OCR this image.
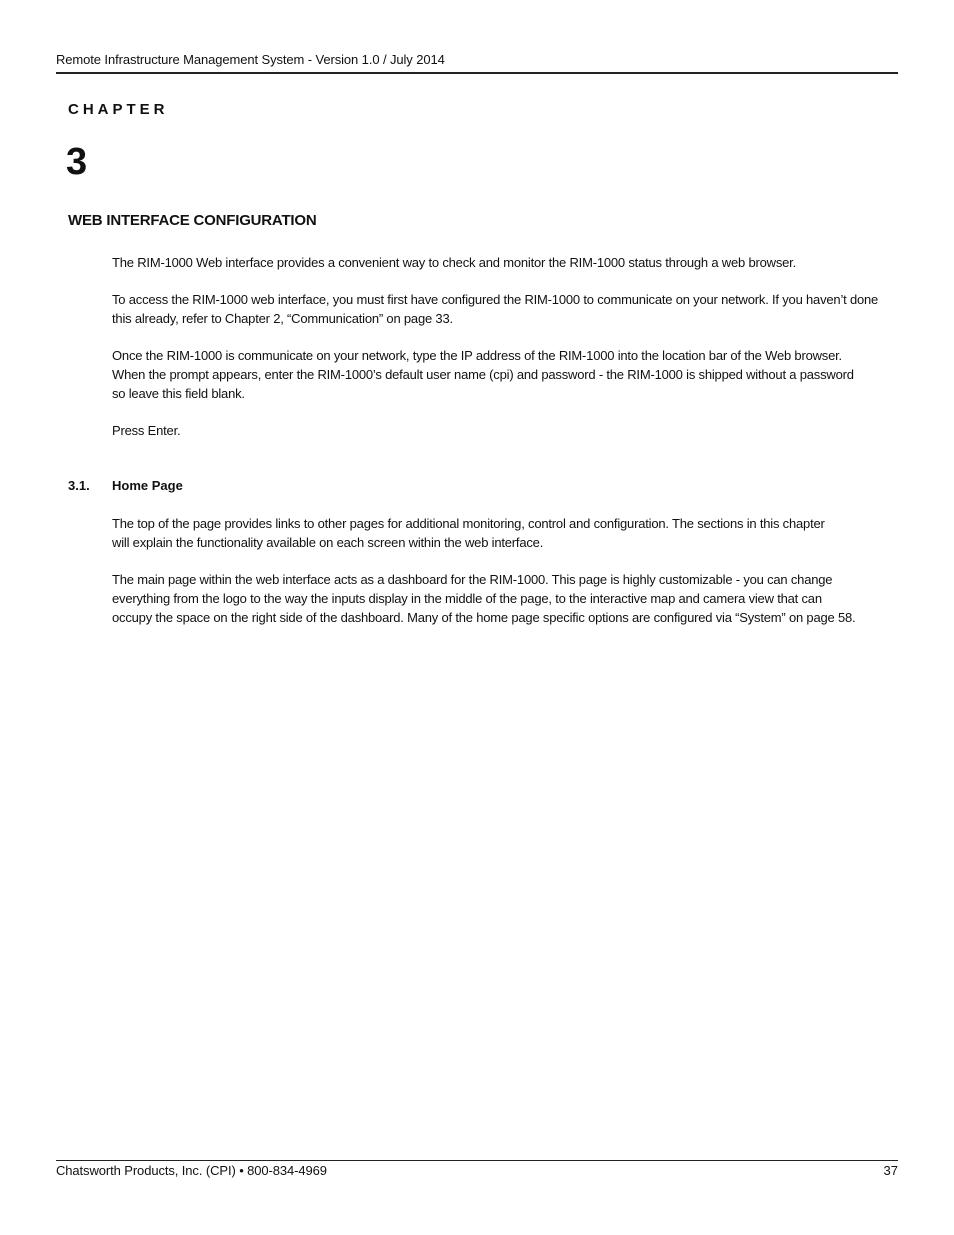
Remote Infrastructure Management System - Version 1.0 / July 2014
CHAPTER
3
WEB INTERFACE CONFIGURATION
The RIM-1000 Web interface provides a convenient way to check and monitor the RIM-1000 status through a web browser.
To access the RIM-1000 web interface, you must first have configured the RIM-1000 to communicate on your network. If you haven’t done
this already, refer to Chapter 2, “Communication” on page 33.
Once the RIM-1000 is communicate on your network, type the IP address of the RIM-1000 into the location bar of the Web browser.
When the prompt appears, enter the RIM-1000’s default user name (cpi) and password - the RIM-1000 is shipped without a password
so leave this field blank.
Press Enter.
3.1. Home Page
The top of the page provides links to other pages for additional monitoring, control and configuration. The sections in this chapter
will explain the functionality available on each screen within the web interface.
The main page within the web interface acts as a dashboard for the RIM-1000. This page is highly customizable - you can change
everything from the logo to the way the inputs display in the middle of the page, to the interactive map and camera view that can
occupy the space on the right side of the dashboard. Many of the home page specific options are configured via “System” on page 58.
Chatsworth Products, Inc. (CPI) • 800-834-4969	37
